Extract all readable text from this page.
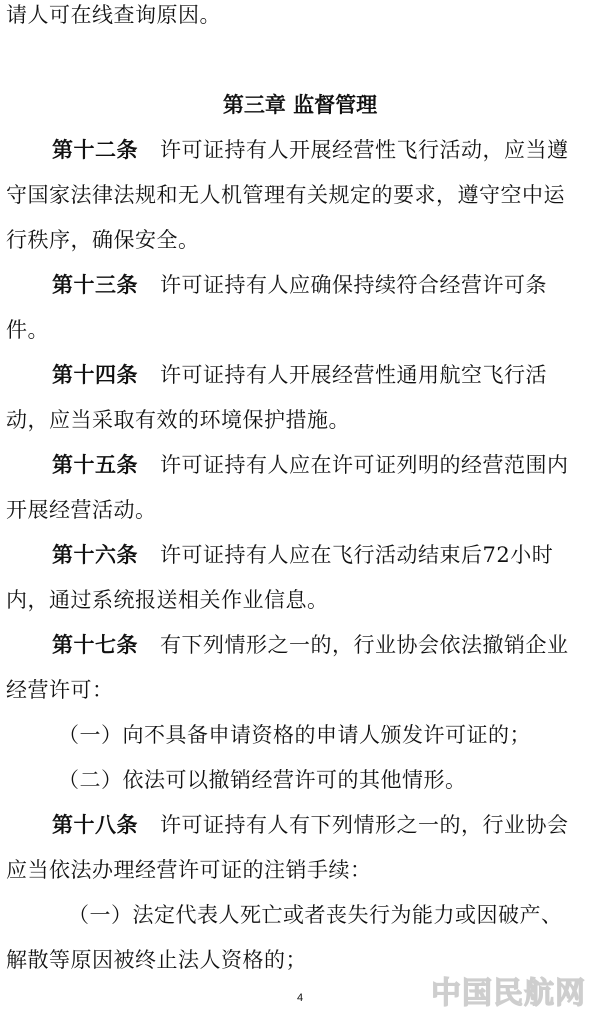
请人可在线查询原因。
第三章 监督管理
第十二条 许可证持有人开展经营性飞行活动，应当遵
守国家法律法规和无人机管理有关规定的要求，遵守空中运
行秩序，确保安全。
第十三条 许可证持有人应确保持续符合经营许可条
件。
第十四条 许可证持有人开展经营性通用航空飞行活
动，应当采取有效的环境保护措施。
第十五条 许可证持有人应在许可证列明的经营范围内
开展经营活动。
第十六条 许可证持有人应在飞行活动结束后72小时
内，通过系统报送相关作业信息。
第十七条 有下列情形之一的，行业协会依法撤销企业
经营许可：
（一）向不具备申请资格的申请人颁发许可证的；
（二）依法可以撤销经营许可的其他情形。
第十八条 许可证持有人有下列情形之一的，行业协会
应当依法办理经营许可证的注销手续：
（一）法定代表人死亡或者丧失行为能力或因破产、
解散等原因被终止法人资格的；
4	中国民航网
